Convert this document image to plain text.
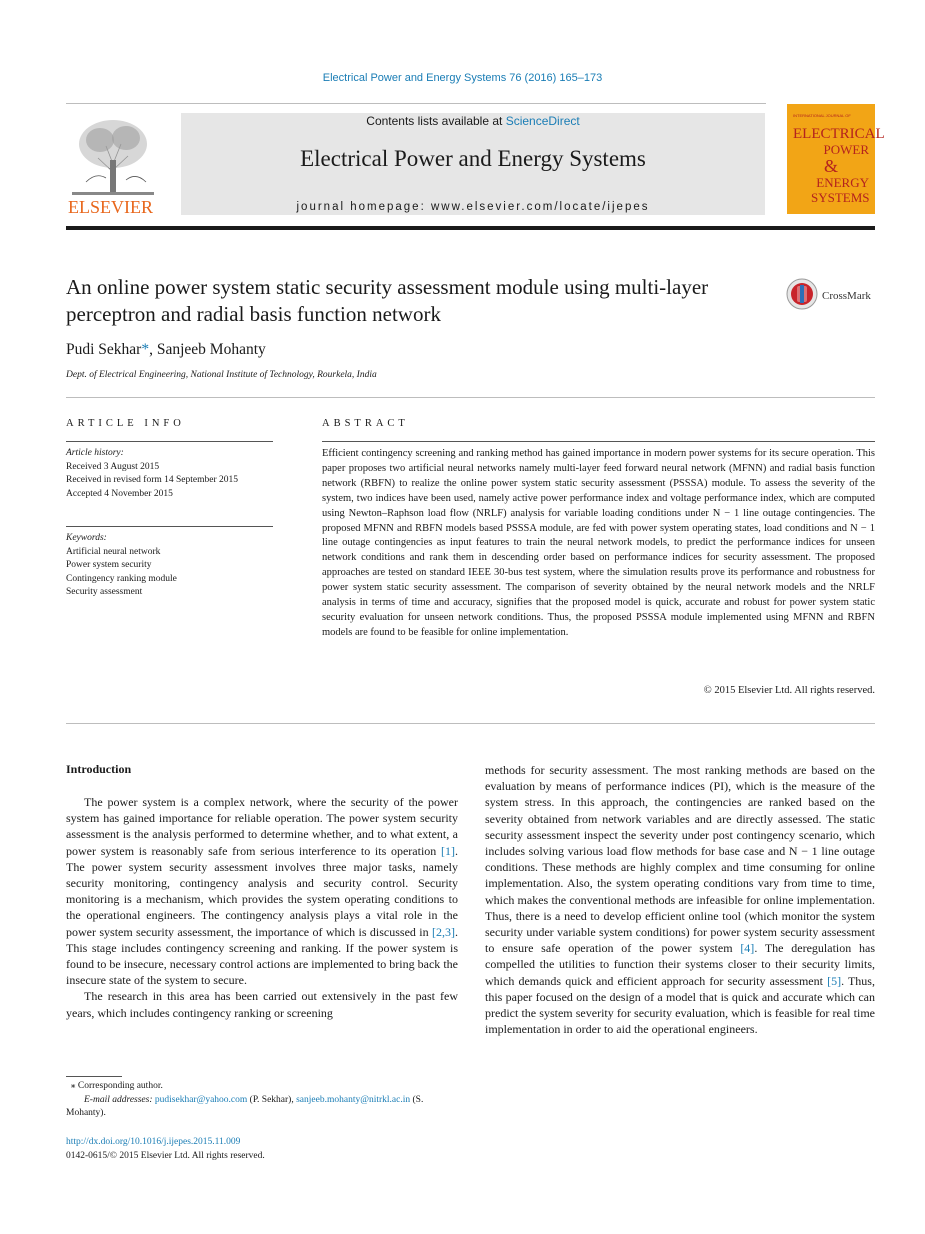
Electrical Power and Energy Systems 76 (2016) 165–173
ELSEVIER
Contents lists available at ScienceDirect
Electrical Power and Energy Systems
journal homepage: www.elsevier.com/locate/ijepes
INTERNATIONAL JOURNAL OF
ELECTRICAL
POWER
&
ENERGY
SYSTEMS
An online power system static security assessment module using multi-layer perceptron and radial basis function network
CrossMark
Pudi Sekhar*, Sanjeeb Mohanty
Dept. of Electrical Engineering, National Institute of Technology, Rourkela, India
ARTICLE INFO	ABSTRACT
Article history:
Received 3 August 2015
Received in revised form 14 September 2015
Accepted 4 November 2015
Keywords:
Artificial neural network
Power system security
Contingency ranking module
Security assessment
Efficient contingency screening and ranking method has gained importance in modern power systems for its secure operation. This paper proposes two artificial neural networks namely multi-layer feed forward neural network (MFNN) and radial basis function network (RBFN) to realize the online power system static security assessment (PSSSA) module. To assess the severity of the system, two indices have been used, namely active power performance index and voltage performance index, which are computed using Newton–Raphson load flow (NRLF) analysis for variable loading conditions under N − 1 line outage contingencies. The proposed MFNN and RBFN models based PSSSA module, are fed with power system operating states, load conditions and N − 1 line outage contingencies as input features to train the neural network models, to predict the performance indices for unseen network conditions and rank them in descending order based on performance indices for security assessment. The proposed approaches are tested on standard IEEE 30-bus test system, where the simulation results prove its performance and robustness for power system static security assessment. The comparison of severity obtained by the neural network models and the NRLF analysis in terms of time and accuracy, signifies that the proposed model is quick, accurate and robust for power system static security evaluation for unseen network conditions. Thus, the proposed PSSSA module implemented using MFNN and RBFN models are found to be feasible for online implementation.
© 2015 Elsevier Ltd. All rights reserved.
Introduction

The power system is a complex network, where the security of the power system has gained importance for reliable operation. The power system security assessment is the analysis performed to determine whether, and to what extent, a power system is reasonably safe from serious interference to its operation [1]. The power system security assessment involves three major tasks, namely security monitoring, contingency analysis and security control. Security monitoring is a mechanism, which provides the system operating conditions to the operational engineers. The contingency analysis plays a vital role in the power system security assessment, the importance of which is discussed in [2,3]. This stage includes contingency screening and ranking. If the power system is found to be insecure, necessary control actions are implemented to bring back the insecure state of the system to secure.

The research in this area has been carried out extensively in the past few years, which includes contingency ranking or screening

methods for security assessment. The most ranking methods are based on the evaluation by means of performance indices (PI), which is the measure of the system stress. In this approach, the contingencies are ranked based on the severity obtained from network variables and are directly assessed. The static security assessment inspect the severity under post contingency scenario, which includes solving various load flow methods for base case and N − 1 line outage conditions. These methods are highly complex and time consuming for online implementation. Also, the system operating conditions vary from time to time, which makes the conventional methods are infeasible for online implementation. Thus, there is a need to develop efficient online tool (which monitor the system security under variable system conditions) for power system security assessment to ensure safe operation of the power system [4]. The deregulation has compelled the utilities to function their systems closer to their security limits, which demands quick and efficient approach for security assessment [5]. Thus, this paper focused on the design of a model that is quick and accurate which can predict the system severity for security evaluation, which is feasible for real time implementation in order to aid the operational engineers.

⁎ Corresponding author.
E-mail addresses: pudisekhar@yahoo.com (P. Sekhar), sanjeeb.mohanty@nitrkl.ac.in (S. Mohanty).
http://dx.doi.org/10.1016/j.ijepes.2015.11.009
0142-0615/© 2015 Elsevier Ltd. All rights reserved.
